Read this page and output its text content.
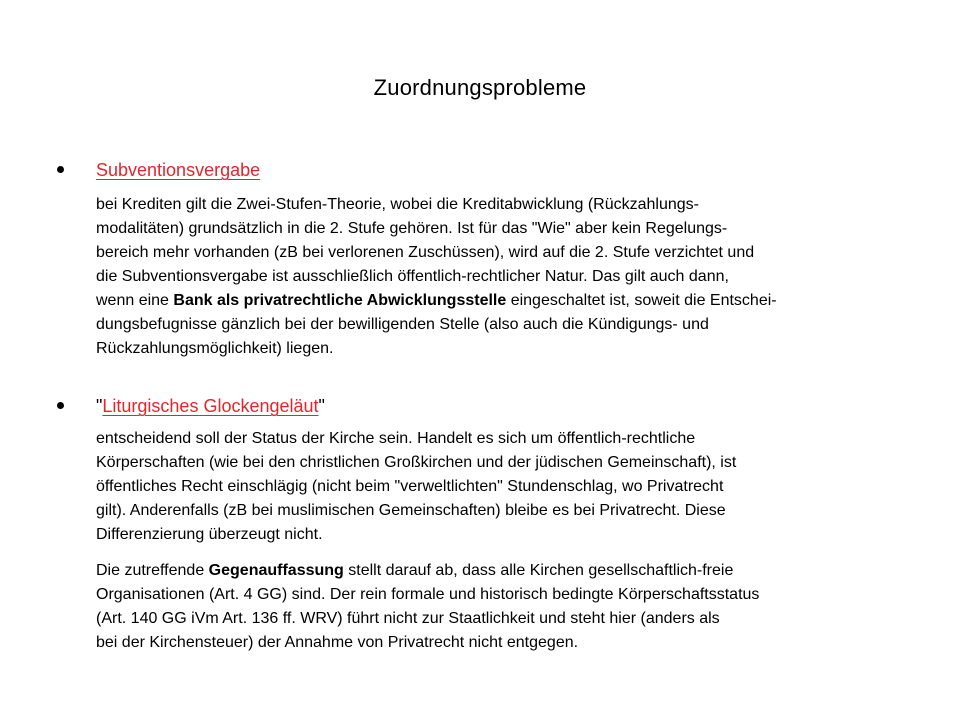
Zuordnungsprobleme
Subventionsvergabe
bei Krediten gilt die Zwei-Stufen-Theorie, wobei die Kreditabwicklung (Rückzahlungs-
modalitäten) grundsätzlich in die 2. Stufe gehören. Ist für das "Wie" aber kein Regelungs-
bereich mehr vorhanden (zB bei verlorenen Zuschüssen), wird auf die 2. Stufe verzichtet und
die Subventionsvergabe ist ausschließlich öffentlich-rechtlicher Natur. Das gilt auch dann,
wenn eine Bank als privatrechtliche Abwicklungsstelle eingeschaltet ist, soweit die Entschei-
dungsbefugnisse gänzlich bei der bewilligenden Stelle (also auch die Kündigungs- und
Rückzahlungsmöglichkeit) liegen.
"Liturgisches Glockengeläut"
entscheidend soll der Status der Kirche sein. Handelt es sich um öffentlich-rechtliche
Körperschaften (wie bei den christlichen Großkirchen und der jüdischen Gemeinschaft), ist
öffentliches Recht einschlägig (nicht beim "verweltlichten" Stundenschlag, wo Privatrecht
gilt). Anderenfalls (zB bei muslimischen Gemeinschaften) bleibe es bei Privatrecht. Diese
Differenzierung überzeugt nicht.
Die zutreffende Gegenauffassung stellt darauf ab, dass alle Kirchen gesellschaftlich-freie
Organisationen (Art. 4 GG) sind. Der rein formale und historisch bedingte Körperschaftsstatus
(Art. 140 GG iVm Art. 136 ff. WRV) führt nicht zur Staatlichkeit und steht hier (anders als
bei der Kirchensteuer) der Annahme von Privatrecht nicht entgegen.
